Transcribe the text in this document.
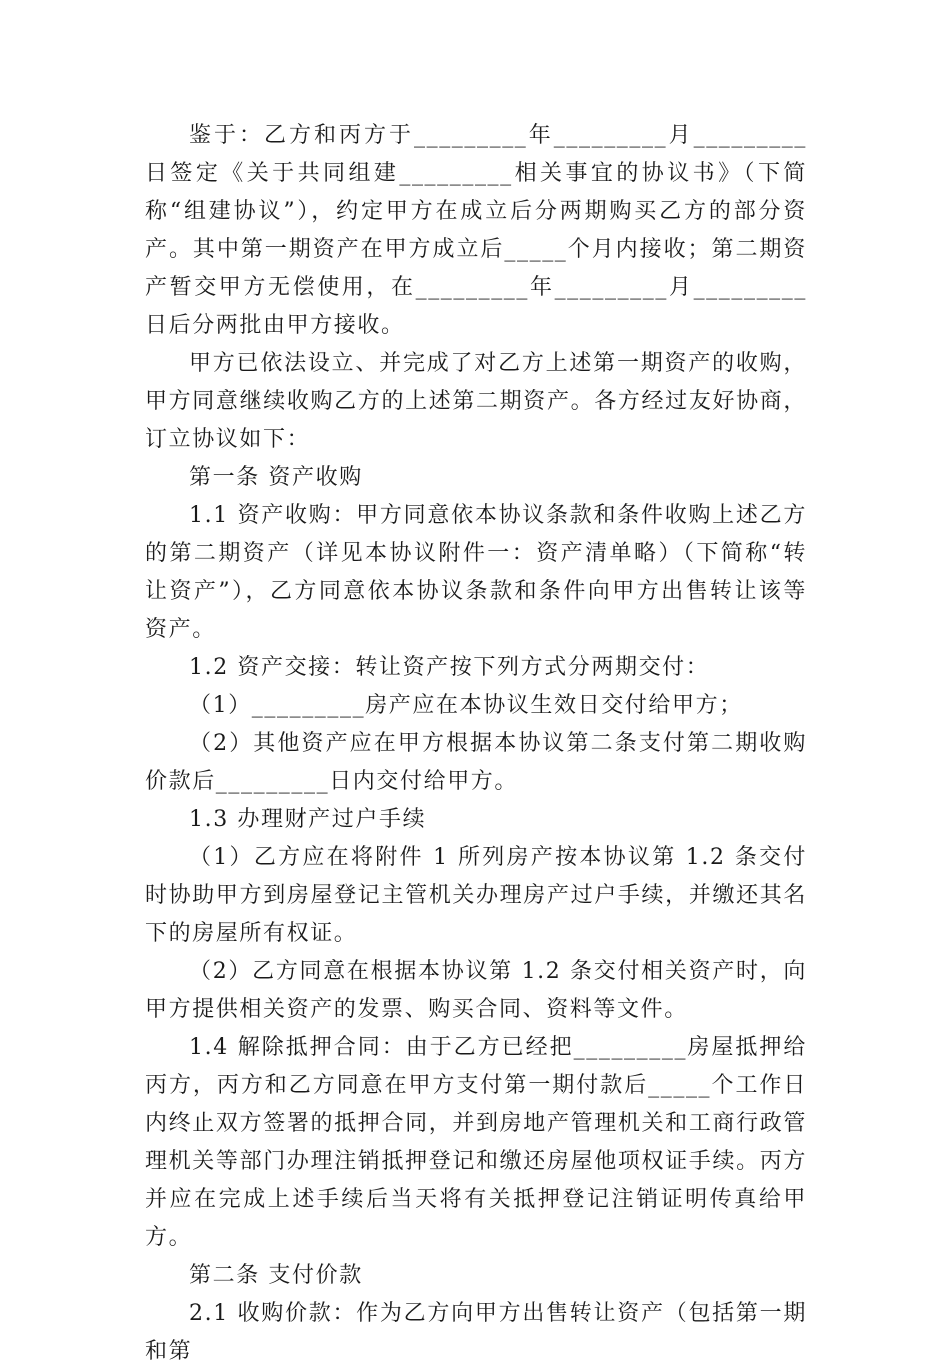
鉴于：乙方和丙方于_________年_________月_________日签定《关于共同组建_________相关事宜的协议书》（下简称“组建协议”），约定甲方在成立后分两期购买乙方的部分资产。其中第一期资产在甲方成立后_____个月内接收；第二期资产暂交甲方无偿使用，在_________年_________月_________日后分两批由甲方接收。

甲方已依法设立、并完成了对乙方上述第一期资产的收购，甲方同意继续收购乙方的上述第二期资产。各方经过友好协商，订立协议如下：

第一条 资产收购

1.1 资产收购：甲方同意依本协议条款和条件收购上述乙方的第二期资产（详见本协议附件一：资产清单略）（下简称“转让资产”），乙方同意依本协议条款和条件向甲方出售转让该等资产。

1.2 资产交接：转让资产按下列方式分两期交付：

（1）_________房产应在本协议生效日交付给甲方；

（2）其他资产应在甲方根据本协议第二条支付第二期收购价款后_________日内交付给甲方。

1.3 办理财产过户手续

（1）乙方应在将附件 1 所列房产按本协议第 1.2 条交付时协助甲方到房屋登记主管机关办理房产过户手续，并缴还其名下的房屋所有权证。

（2）乙方同意在根据本协议第 1.2 条交付相关资产时，向甲方提供相关资产的发票、购买合同、资料等文件。

1.4 解除抵押合同：由于乙方已经把_________房屋抵押给丙方，丙方和乙方同意在甲方支付第一期付款后_____个工作日内终止双方签署的抵押合同，并到房地产管理机关和工商行政管理机关等部门办理注销抵押登记和缴还房屋他项权证手续。丙方并应在完成上述手续后当天将有关抵押登记注销证明传真给甲方。

第二条 支付价款

2.1 收购价款：作为乙方向甲方出售转让资产（包括第一期和第
